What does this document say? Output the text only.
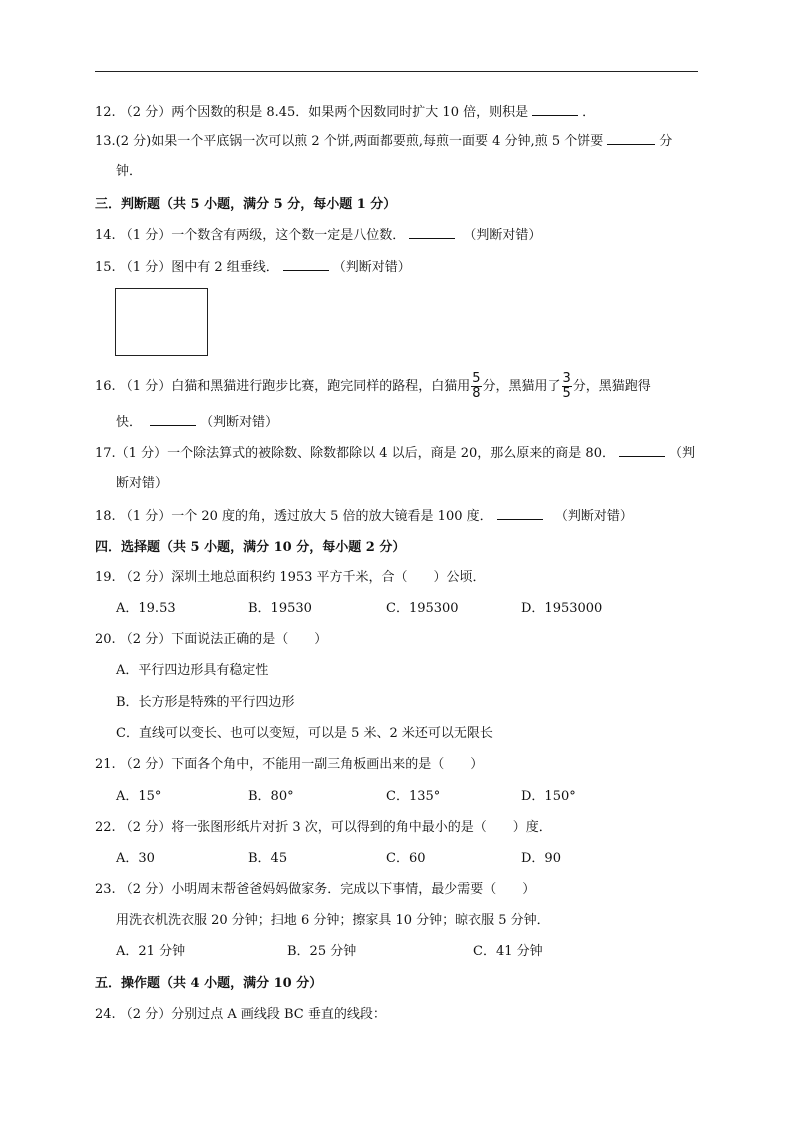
12. （2 分）两个因数的积是 8.45．如果两个因数同时扩大 10 倍，则积是	．
13.(2 分)如果一个平底锅一次可以煎 2 个饼,两面都要煎,每煎一面要 4 分钟,煎 5 个饼要	分
钟．
三．判断题（共 5 小题，满分 5 分，每小题 1 分）
14. （1 分）一个数含有两级，这个数一定是八位数．	（判断对错）
15. （1 分）图中有 2 组垂线．	（判断对错）
16. （1 分）白猫和黑猫进行跑步比赛，跑完同样的路程，白猫用 $\frac{5}{8}$ 分，黑猫用了 $\frac{3}{5}$ 分，黑猫跑得
快．	（判断对错）
17.（1 分）一个除法算式的被除数、除数都除以 4 以后，商是 20，那么原来的商是 80．	（判
断对错）
18. （1 分）一个 20 度的角，透过放大 5 倍的放大镜看是 100 度．	（判断对错）
四．选择题（共 5 小题，满分 10 分，每小题 2 分）
19. （2 分）深圳土地总面积约 1953 平方千米，合（　　）公顷．
A．19.53	B．19530	C．195300	D．1953000
20. （2 分）下面说法正确的是（　　）
A．平行四边形具有稳定性
B．长方形是特殊的平行四边形
C．直线可以变长、也可以变短，可以是 5 米、2 米还可以无限长
21. （2 分）下面各个角中，不能用一副三角板画出来的是（　　）
A．15°	B．80°	C．135°	D．150°
22. （2 分）将一张图形纸片对折 3 次，可以得到的角中最小的是（　　）度．
A．30	B．45	C．60	D．90
23. （2 分）小明周末帮爸爸妈妈做家务．完成以下事情，最少需要（　　）
用洗衣机洗衣服 20 分钟；扫地 6 分钟；擦家具 10 分钟；晾衣服 5 分钟．
A．21 分钟	B．25 分钟	C．41 分钟
五．操作题（共 4 小题，满分 10 分）
24. （2 分）分别过点 A 画线段 BC 垂直的线段：
